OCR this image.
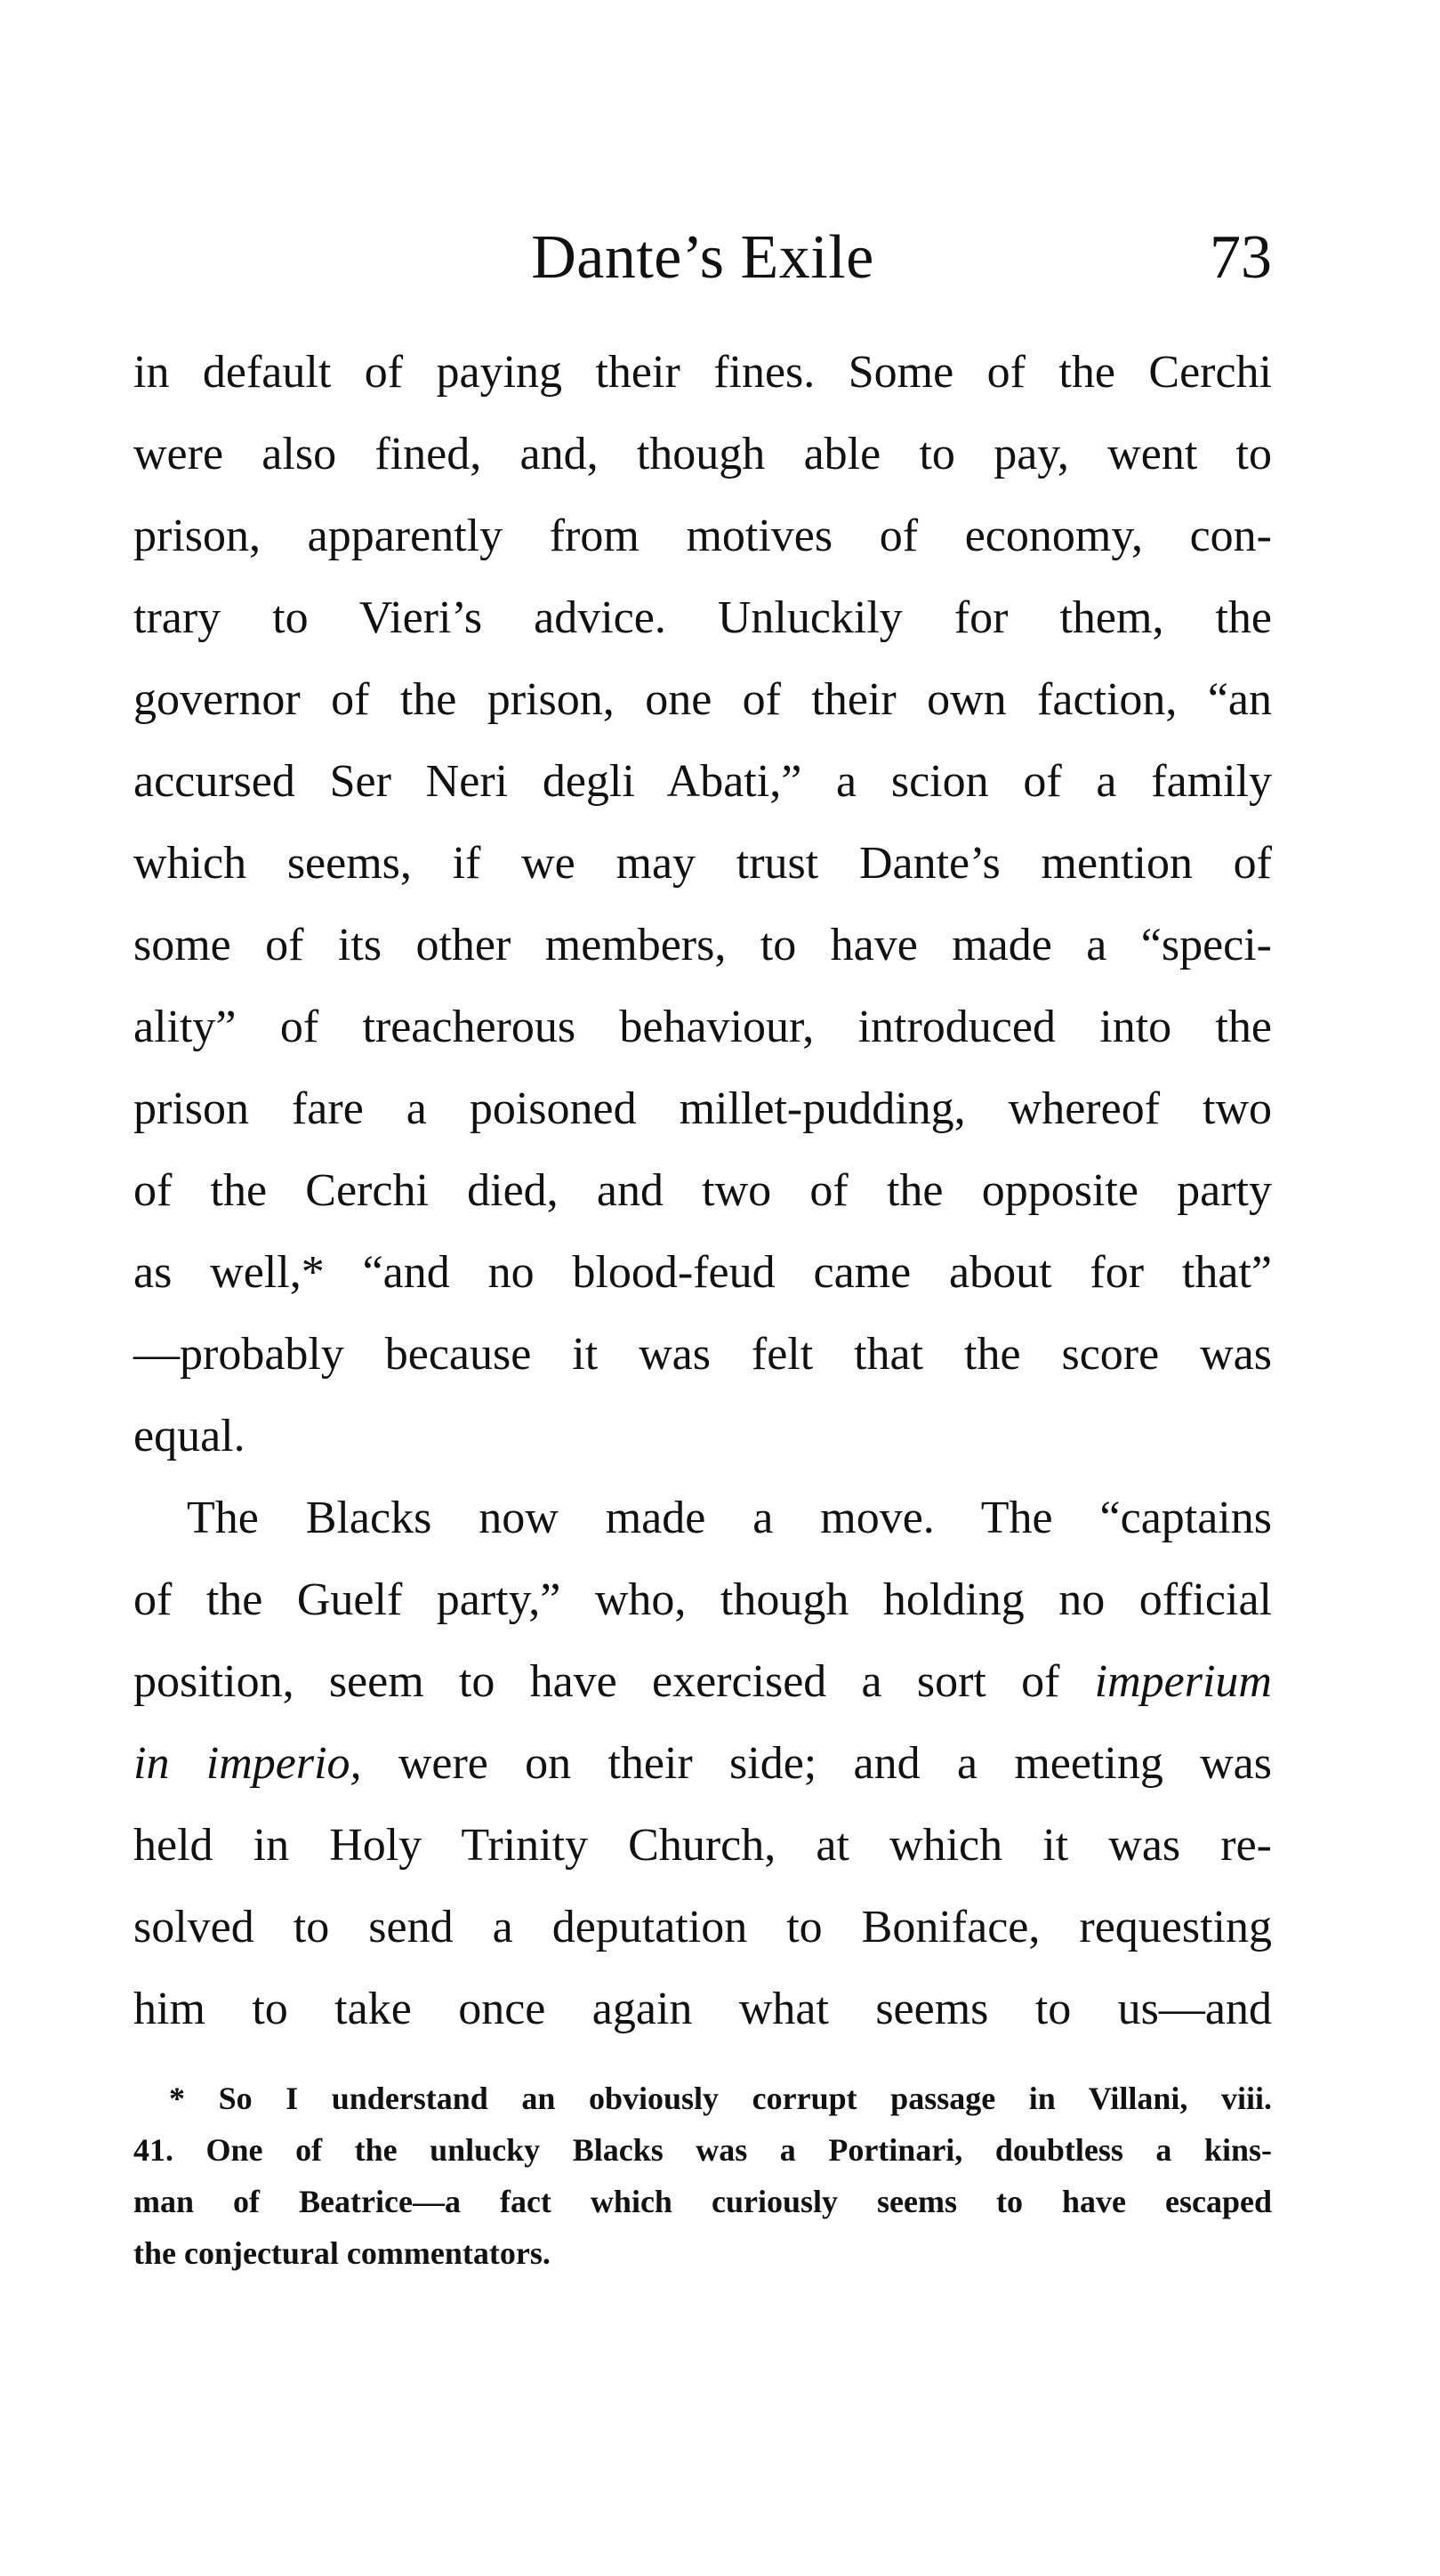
Dante’s Exile	73
in default of paying their fines. Some of the Cerchi
were also fined, and, though able to pay, went to
prison, apparently from motives of economy, con-
trary to Vieri’s advice. Unluckily for them, the
governor of the prison, one of their own faction, “an
accursed Ser Neri degli Abati,” a scion of a family
which seems, if we may trust Dante’s mention of
some of its other members, to have made a “speci-
ality” of treacherous behaviour, introduced into the
prison fare a poisoned millet-pudding, whereof two
of the Cerchi died, and two of the opposite party
as well,* “and no blood-feud came about for that”
—probably because it was felt that the score was
equal.
The Blacks now made a move. The “captains
of the Guelf party,” who, though holding no official
position, seem to have exercised a sort of imperium
in imperio, were on their side; and a meeting was
held in Holy Trinity Church, at which it was re-
solved to send a deputation to Boniface, requesting
him to take once again what seems to us—and
* So I understand an obviously corrupt passage in Villani, viii.
41. One of the unlucky Blacks was a Portinari, doubtless a kins-
man of Beatrice—a fact which curiously seems to have escaped
the conjectural commentators.
